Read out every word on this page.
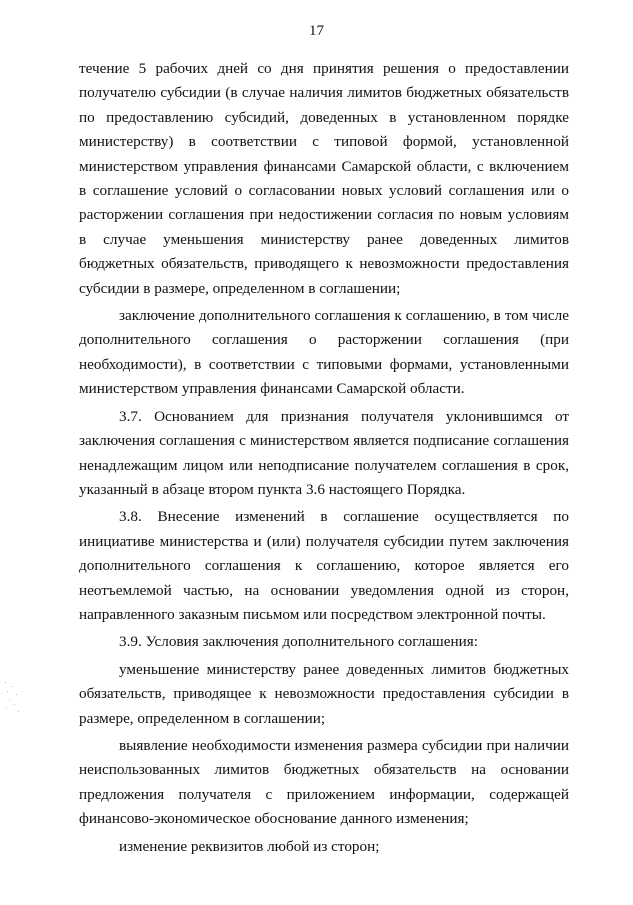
17

течение 5 рабочих дней со дня принятия решения о предоставлении получателю субсидии (в случае наличия лимитов бюджетных обязательств по предоставлению субсидий, доведенных в установленном порядке министерству) в соответствии с типовой формой, установленной министерством управления финансами Самарской области, с включением в соглашение условий о согласовании новых условий соглашения или о расторжении соглашения при недостижении согласия по новым условиям в случае уменьшения министерству ранее доведенных лимитов бюджетных обязательств, приводящего к невозможности предоставления субсидии в размере, определенном в соглашении;

заключение дополнительного соглашения к соглашению, в том числе дополнительного соглашения о расторжении соглашения (при необходимости), в соответствии с типовыми формами, установленными министерством управления финансами Самарской области.

3.7. Основанием для признания получателя уклонившимся от заключения соглашения с министерством является подписание соглашения ненадлежащим лицом или неподписание получателем соглашения в срок, указанный в абзаце втором пункта 3.6 настоящего Порядка.

3.8. Внесение изменений в соглашение осуществляется по инициативе министерства и (или) получателя субсидии путем заключения дополнительного соглашения к соглашению, которое является его неотъемлемой частью, на основании уведомления одной из сторон, направленного заказным письмом или посредством электронной почты.

3.9. Условия заключения дополнительного соглашения:

уменьшение министерству ранее доведенных лимитов бюджетных обязательств, приводящее к невозможности предоставления субсидии в размере, определенном в соглашении;

выявление необходимости изменения размера субсидии при наличии неиспользованных лимитов бюджетных обязательств на основании предложения получателя с приложением информации, содержащей финансово-экономическое обоснование данного изменения;

изменение реквизитов любой из сторон;
